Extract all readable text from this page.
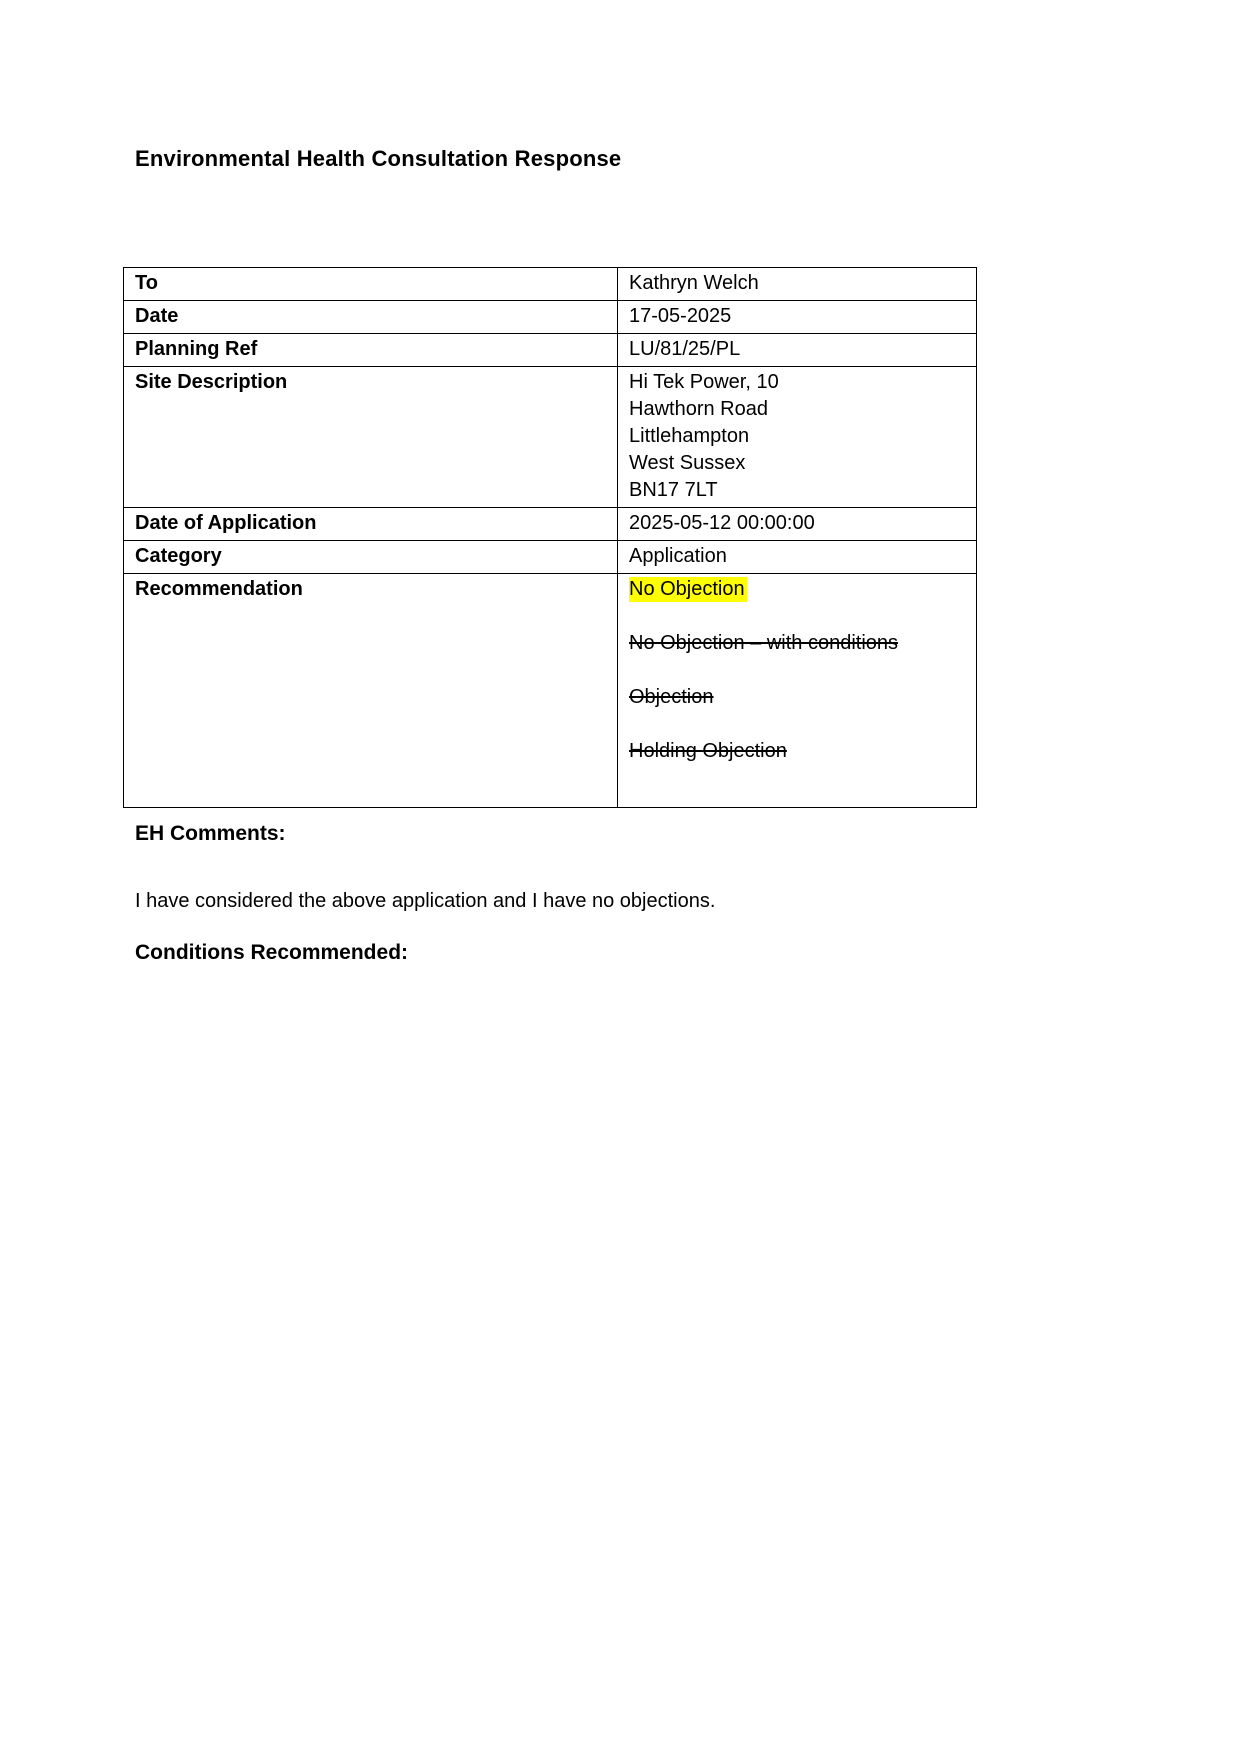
Environmental Health Consultation Response
To	Kathryn Welch
Date	17-05-2025
Planning Ref	LU/81/25/PL
Site Description	Hi Tek Power, 10
Hawthorn Road
Littlehampton
West Sussex
BN17 7LT

Date of Application	2025-05-12 00:00:00
Category	Application
Recommendation	No Objection
No Objection – with conditions
Objection
Holding Objection
EH Comments:
I have considered the above application and I have no objections.
Conditions Recommended:
